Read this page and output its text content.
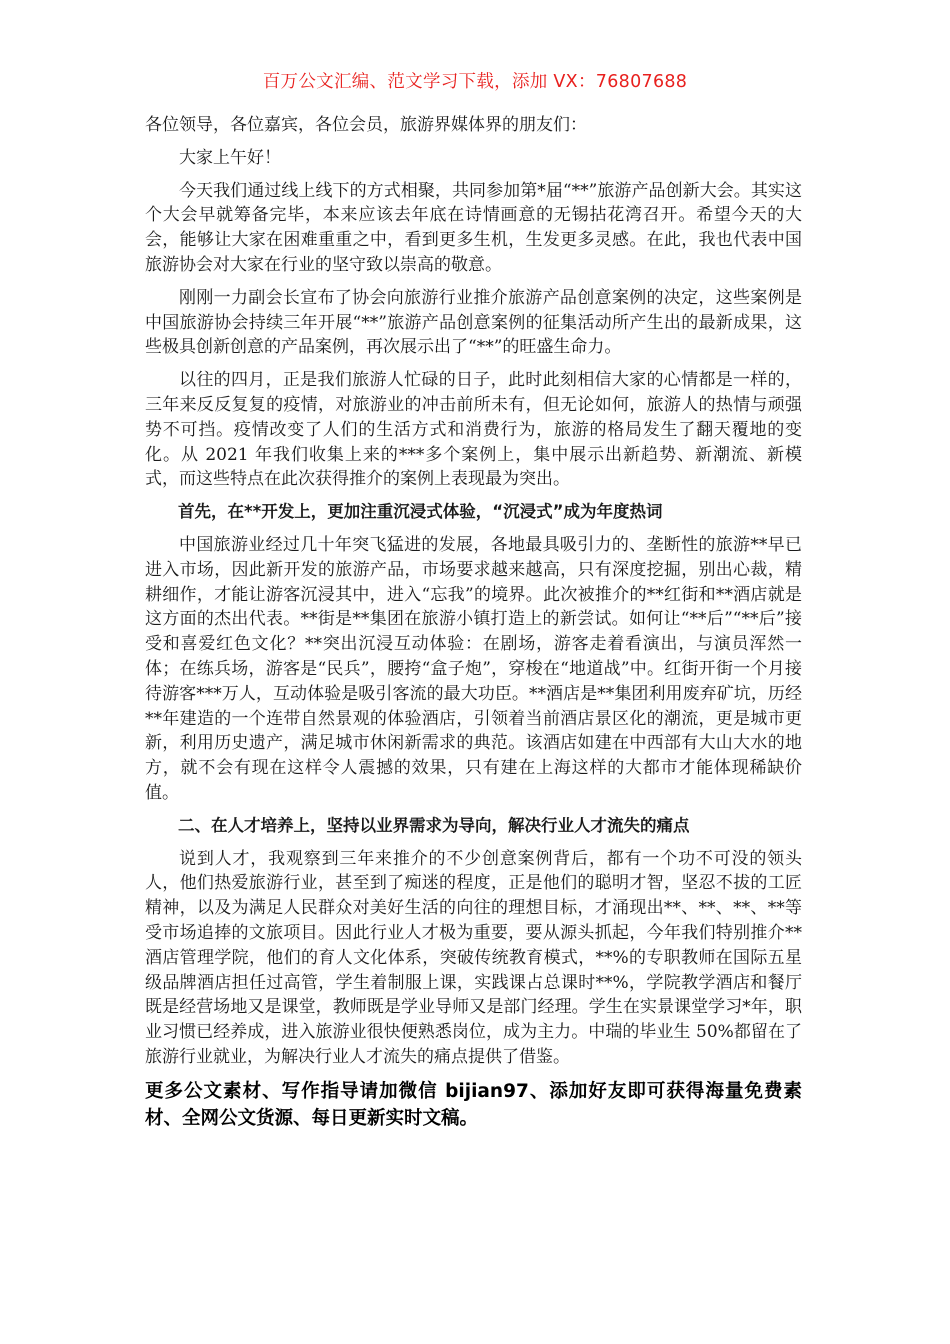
百万公文汇编、范文学习下载，添加 VX：76807688

各位领导，各位嘉宾，各位会员，旅游界媒体界的朋友们：

大家上午好！

今天我们通过线上线下的方式相聚，共同参加第*届“**”旅游产品创新大会。其实这个大会早就筹备完毕，本来应该去年底在诗情画意的无锡拈花湾召开。希望今天的大会，能够让大家在困难重重之中，看到更多生机，生发更多灵感。在此，我也代表中国旅游协会对大家在行业的坚守致以崇高的敬意。

刚刚一力副会长宣布了协会向旅游行业推介旅游产品创意案例的决定，这些案例是中国旅游协会持续三年开展“**”旅游产品创意案例的征集活动所产生出的最新成果，这些极具创新创意的产品案例，再次展示出了“**”的旺盛生命力。

以往的四月，正是我们旅游人忙碌的日子，此时此刻相信大家的心情都是一样的，三年来反反复复的疫情，对旅游业的冲击前所未有，但无论如何，旅游人的热情与顽强势不可挡。疫情改变了人们的生活方式和消费行为，旅游的格局发生了翻天覆地的变化。从 2021 年我们收集上来的***多个案例上，集中展示出新趋势、新潮流、新模式，而这些特点在此次获得推介的案例上表现最为突出。

首先，在**开发上，更加注重沉浸式体验，“沉浸式”成为年度热词

中国旅游业经过几十年突飞猛进的发展，各地最具吸引力的、垄断性的旅游**早已进入市场，因此新开发的旅游产品，市场要求越来越高，只有深度挖掘，别出心裁，精耕细作，才能让游客沉浸其中，进入“忘我”的境界。此次被推介的**红街和**酒店就是这方面的杰出代表。**街是**集团在旅游小镇打造上的新尝试。如何让“**后”“**后”接受和喜爱红色文化？**突出沉浸互动体验：在剧场，游客走着看演出，与演员浑然一体；在练兵场，游客是“民兵”，腰挎“盒子炮”，穿梭在“地道战”中。红街开街一个月接待游客***万人，互动体验是吸引客流的最大功臣。**酒店是**集团利用废弃矿坑，历经**年建造的一个连带自然景观的体验酒店，引领着当前酒店景区化的潮流，更是城市更新，利用历史遗产，满足城市休闲新需求的典范。该酒店如建在中西部有大山大水的地方，就不会有现在这样令人震撼的效果，只有建在上海这样的大都市才能体现稀缺价值。

二、在人才培养上，坚持以业界需求为导向，解决行业人才流失的痛点

说到人才，我观察到三年来推介的不少创意案例背后，都有一个功不可没的领头人，他们热爱旅游行业，甚至到了痴迷的程度，正是他们的聪明才智，坚忍不拔的工匠精神，以及为满足人民群众对美好生活的向往的理想目标，才涌现出**、**、**、**等受市场追捧的文旅项目。因此行业人才极为重要，要从源头抓起，今年我们特别推介**酒店管理学院，他们的育人文化体系，突破传统教育模式，**%的专职教师在国际五星级品牌酒店担任过高管，学生着制服上课，实践课占总课时**%，学院教学酒店和餐厅既是经营场地又是课堂，教师既是学业导师又是部门经理。学生在实景课堂学习*年，职业习惯已经养成，进入旅游业很快便熟悉岗位，成为主力。中瑞的毕业生 50%都留在了旅游行业就业，为解决行业人才流失的痛点提供了借鉴。

更多公文素材、写作指导请加微信 bijian97、添加好友即可获得海量免费素材、全网公文货源、每日更新实时文稿。
